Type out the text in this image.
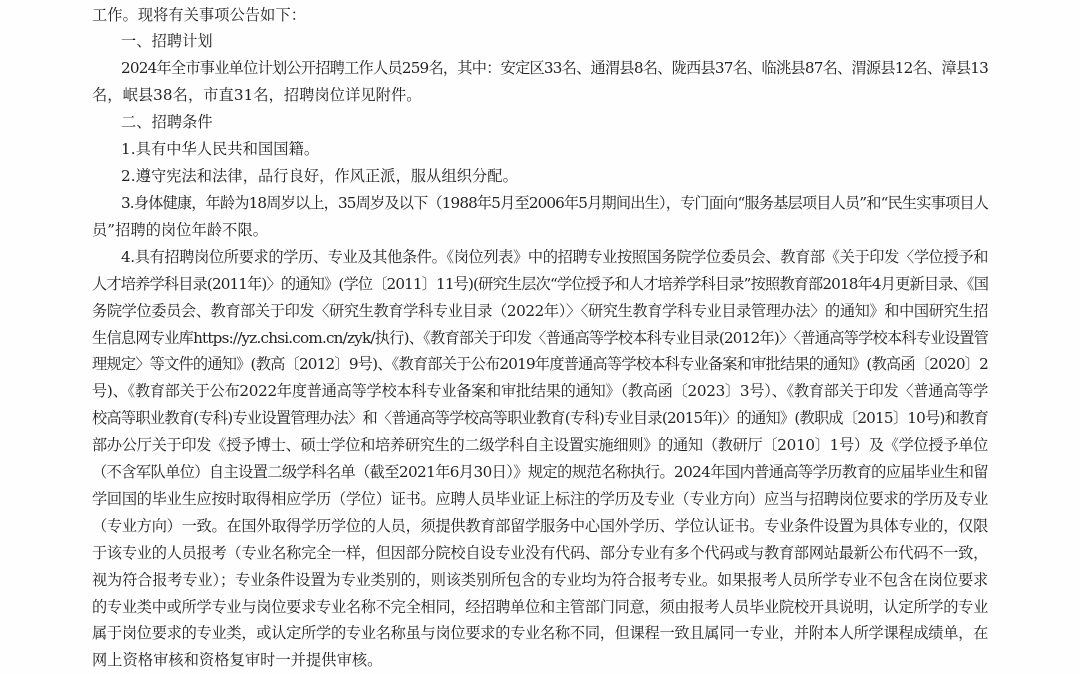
工作。现将有关事项公告如下：
一、招聘计划
2024年全市事业单位计划公开招聘工作人员259名，其中：安定区33名、通渭县8名、陇西县37名、临洮县87名、渭源县12名、漳县13
名，岷县38名，市直31名，招聘岗位详见附件。
二、招聘条件
1.具有中华人民共和国国籍。
2.遵守宪法和法律，品行良好，作风正派，服从组织分配。
3.身体健康，年龄为18周岁以上，35周岁及以下（1988年5月至2006年5月期间出生），专门面向“服务基层项目人员”和“民生实事项目人
员”招聘的岗位年龄不限。
4.具有招聘岗位所要求的学历、专业及其他条件。《岗位列表》中的招聘专业按照国务院学位委员会、教育部《关于印发〈学位授予和
人才培养学科目录(2011年)〉的通知》(学位〔2011〕11号)(研究生层次“学位授予和人才培养学科目录”按照教育部2018年4月更新目录、《国
务院学位委员会、教育部关于印发〈研究生教育学科专业目录（2022年）〉〈研究生教育学科专业目录管理办法〉的通知》和中国研究生招
生信息网专业库https://yz.chsi.com.cn/zyk/执行)、《教育部关于印发〈普通高等学校本科专业目录(2012年)〉〈普通高等学校本科专业设置管
理规定〉等文件的通知》(教高〔2012〕9号)、《教育部关于公布2019年度普通高等学校本科专业备案和审批结果的通知》(教高函〔2020〕2
号)、《教育部关于公布2022年度普通高等学校本科专业备案和审批结果的通知》（教高函〔2023〕3号）、《教育部关于印发〈普通高等学
校高等职业教育(专科)专业设置管理办法〉和〈普通高等学校高等职业教育(专科)专业目录(2015年)〉的通知》(教职成〔2015〕10号)和教育
部办公厅关于印发《授予博士、硕士学位和培养研究生的二级学科自主设置实施细则》的通知（教研厅〔2010〕1号）及《学位授予单位
（不含军队单位）自主设置二级学科名单（截至2021年6月30日）》规定的规范名称执行。2024年国内普通高等学历教育的应届毕业生和留
学回国的毕业生应按时取得相应学历（学位）证书。应聘人员毕业证上标注的学历及专业（专业方向）应当与招聘岗位要求的学历及专业
（专业方向）一致。在国外取得学历学位的人员，须提供教育部留学服务中心国外学历、学位认证书。专业条件设置为具体专业的，仅限
于该专业的人员报考（专业名称完全一样，但因部分院校自设专业没有代码、部分专业有多个代码或与教育部网站最新公布代码不一致，
视为符合报考专业）；专业条件设置为专业类别的，则该类别所包含的专业均为符合报考专业。如果报考人员所学专业不包含在岗位要求
的专业类中或所学专业与岗位要求专业名称不完全相同，经招聘单位和主管部门同意，须由报考人员毕业院校开具说明，认定所学的专业
属于岗位要求的专业类，或认定所学的专业名称虽与岗位要求的专业名称不同，但课程一致且属同一专业，并附本人所学课程成绩单，在
网上资格审核和资格复审时一并提供审核。
